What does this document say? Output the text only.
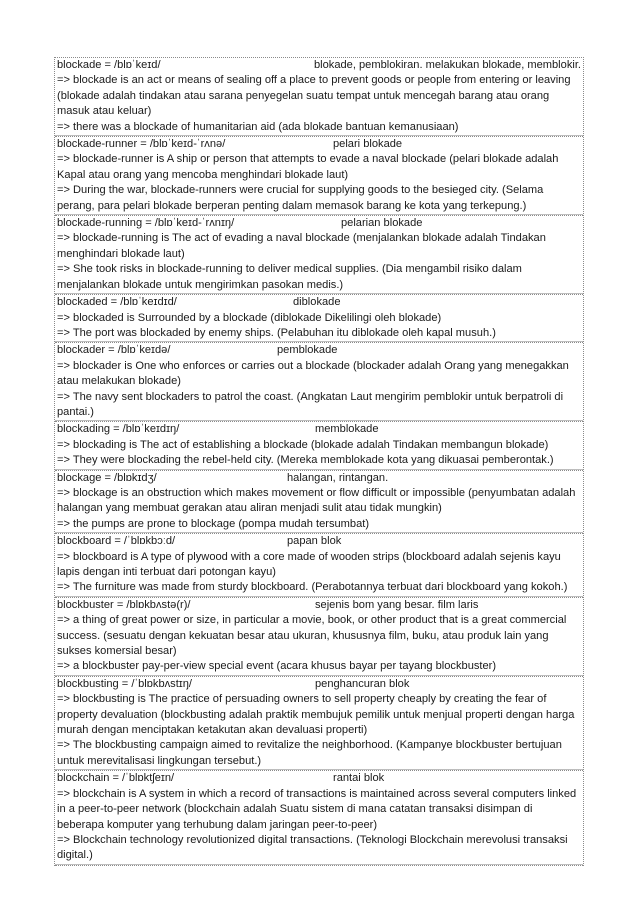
blockade = /blɒˈkeɪd/	blokade, pemblokiran. melakukan blokade, memblokir.
=> blockade is an act or means of sealing off a place to prevent goods or people from entering or leaving (blokade adalah tindakan atau sarana penyegelan suatu tempat untuk mencegah barang atau orang masuk atau keluar)
=> there was a blockade of humanitarian aid (ada blokade bantuan kemanusiaan)
blockade-runner = /blɒˈkeɪd-ˈrʌnə/	pelari blokade
=> blockade-runner is A ship or person that attempts to evade a naval blockade (pelari blokade adalah Kapal atau orang yang mencoba menghindari blokade laut)
=> During the war, blockade-runners were crucial for supplying goods to the besieged city. (Selama perang, para pelari blokade berperan penting dalam memasok barang ke kota yang terkepung.)
blockade-running = /blɒˈkeɪd-ˈrʌnɪŋ/	pelarian blokade
=> blockade-running is The act of evading a naval blockade (menjalankan blokade adalah Tindakan menghindari blokade laut)
=> She took risks in blockade-running to deliver medical supplies. (Dia mengambil risiko dalam menjalankan blokade untuk mengirimkan pasokan medis.)
blockaded = /blɒˈkeɪdɪd/	diblokade
=> blockaded is Surrounded by a blockade (diblokade Dikelilingi oleh blokade)
=> The port was blockaded by enemy ships. (Pelabuhan itu diblokade oleh kapal musuh.)
blockader = /blɒˈkeɪdə/	pemblokade
=> blockader is One who enforces or carries out a blockade (blockader adalah Orang yang menegakkan atau melakukan blokade)
=> The navy sent blockaders to patrol the coast. (Angkatan Laut mengirim pemblokir untuk berpatroli di pantai.)
blockading = /blɒˈkeɪdɪŋ/	memblokade
=> blockading is The act of establishing a blockade (blokade adalah Tindakan membangun blokade)
=> They were blockading the rebel-held city. (Mereka memblokade kota yang dikuasai pemberontak.)
blockage = /blɒkɪdʒ/	halangan, rintangan.
=> blockage is an obstruction which makes movement or flow difficult or impossible (penyumbatan adalah halangan yang membuat gerakan atau aliran menjadi sulit atau tidak mungkin)
=> the pumps are prone to blockage (pompa mudah tersumbat)
blockboard = /ˈblɒkbɔːd/	papan blok
=> blockboard is A type of plywood with a core made of wooden strips (blockboard adalah sejenis kayu lapis dengan inti terbuat dari potongan kayu)
=> The furniture was made from sturdy blockboard. (Perabotannya terbuat dari blockboard yang kokoh.)
blockbuster = /blɒkbʌstə(r)/	sejenis bom yang besar. film laris
=> a thing of great power or size, in particular a movie, book, or other product that is a great commercial success. (sesuatu dengan kekuatan besar atau ukuran, khususnya film, buku, atau produk lain yang sukses komersial besar)
=> a blockbuster pay-per-view special event (acara khusus bayar per tayang blockbuster)
blockbusting = /ˈblɒkbʌstɪŋ/	penghancuran blok
=> blockbusting is The practice of persuading owners to sell property cheaply by creating the fear of property devaluation (blockbusting adalah praktik membujuk pemilik untuk menjual properti dengan harga murah dengan menciptakan ketakutan akan devaluasi properti)
=> The blockbusting campaign aimed to revitalize the neighborhood. (Kampanye blockbuster bertujuan untuk merevitalisasi lingkungan tersebut.)
blockchain = /ˈblɒktʃeɪn/	rantai blok
=> blockchain is A system in which a record of transactions is maintained across several computers linked in a peer-to-peer network (blockchain adalah Suatu sistem di mana catatan transaksi disimpan di beberapa komputer yang terhubung dalam jaringan peer-to-peer)
=> Blockchain technology revolutionized digital transactions. (Teknologi Blockchain merevolusi transaksi digital.)
